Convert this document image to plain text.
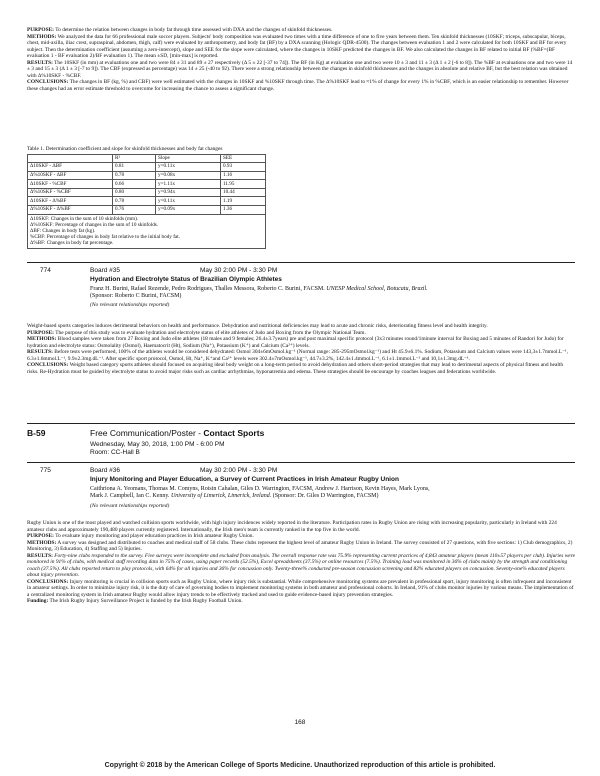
PURPOSE: To determine the relation between changes in body fat through time assessed with DXA and the changes of skinfold thicknesses.
METHODS: We analyzed the data for 66 professional male soccer players. Subjects' body composition was evaluated two times with a time difference of one to five years between them. Ten skinfold thicknesses (10SKF; triceps, subscapular, biceps, chest, mid-axilla, iliac crest, supraspinal, abdomen, thigh, calf) were evaluated by anthropometry, and body fat (BF) by a DXA scanning (Hologic QDR-4500). The changes between evaluation 1 and 2 were calculated for both 10SKF and BF for every subject. Then the determination coefficient (assuming a zero-intercept), slope and SEE for the slope were calculated, where the changes in 10SKF predicted the changes in BF. We also calculated the changes in BF related to initial BF (%BF=(BF evaluation 1 - BF evaluation 2)/BF evaluation 1). The mean ±SD, [min-max] is reported.
RESULTS: The 10SKF (in mm) at evaluations one and two were 84 ± 31 and 89 ± 27 respectively (Δ 5 ± 22 [-37 to 74]). The BF (in Kg) at evaluation one and two were 10 ± 3 and 11 ± 3 (Δ 1 ± 2 [-6 to 8]). The %BF at evaluations one and two were 14 ± 3 and 15 ± 3 (Δ 1 ± 3 [-7 to 9]). The CBF (expressed as percentage) was 14 ± 25 (-40 to 92). There were a strong relationship between the changes in skinfold thicknesses and the changes in absolute and relative BF, but the best relation was obtained with Δ%10SKF - %CBF.
CONCLUSIONS: The changes in BF (kg, %) and CBF) were well estimated with the changes in 10SKF and %10SKF through time. The Δ%10SKF lead to ≈1% of change for every 1% in %CBF, which is an easier relationship to remember. However these changes had an error estimate threshold to overcome for increasing the chance to assess a significant change.
Table 1. Determination coefficient and slope for skinfold thicknesses and body fat changes
	R²	Slope	SEE
Δ10SKF - ΔBF	0.81	y=0.11x	0.93
Δ%10SKF - ΔBF	0.78	y=0.08x	1.16
Δ10SKF - %CBF	0.66	y=1.11x	11.95
Δ%10SKF - %CBF	0.80	y=0.94x	10.44
Δ10SKF - Δ%BF	0.78	y=0.11x	1.19
Δ%10SKF - Δ%BF	0.76	y=0.09x	1.36

Δ10SKF: Changes in the sum of 10 skinfolds (mm).
Δ%10SKF: Percentage of changes in the sum of 10 skinfolds.
ΔBF: Changes in body fat (kg).
%CBF: Percentage of changes in body fat relative to the initial body fat.
Δ%BF: Changes in body fat percentage.			
774	Board #35	May 30 2:00 PM - 3:30 PM
Hydration and Electrolyte Status of Brazilian Olympic Athletes
Franz H. Burini, Rafael Rezende, Pedro Rodrigues, Thalles Messora, Roberto C. Burini, FACSM. UNESP Medical School, Botucatu, Brazil.
(Sponsor: Roberto C Burini, FACSM)
(No relevant relationships reported)
Weight-based sports categories induces detrimental behaviors on health and performance. Dehydration and nutritional deficiencies may lead to acute and chronic risks, deteriorating fitness level and health integrity.
PURPOSE: The purpose of this study was to evaluate hydration and electrolyte status of elite athletes of Judo and Boxing from the Olympic National Team.
METHODS: Blood samples were taken from 27 Boxing and Judo elite athletes (18 males and 9 females; 26.4±3.7years) pre and post maximal specific protocol (3x3 minutes round/1minute interval for Boxing and 5 minutes of Randori for Judo) for hydration and electrolyte status: Osmolality (Osmol), Haematocrit (Ht), Sodium (Na⁺), Potassium (K⁺) and Calcium (Ca²⁺) levels.
RESULTS: Before tests were performed, 100% of the athletes would be considered dehydrated: Osmol 304±6mOsmol.kg⁻¹ (Normal range: 285-295mOsmol.kg⁻¹) and Ht 45.9±6.1%. Sodium, Potassium and Calcium values were 143,3±1.7mmol.L⁻¹, 6.3±1.6mmol.L⁻¹, 9.9±2.3mg.dL⁻¹. After specific sport protocol, Osmol, Ht, Na⁺, K⁺and Ca²⁺ levels were 302.4±7mOsmol.kg⁻¹, 44.7±3.2%, 142.4±1.4mmol.L⁻¹, 6.1±1.1mmol.L⁻¹ and 10,1±1.3mg.dL⁻¹.
CONCLUSIONS: Weight based category sports athletes should focused on acquiring ideal body weight on a long-term period to avoid dehydration and others short-period strategies that may lead to detrimental aspects of physical fitness and health risks. Re-Hydration must be guided by electrolyte status to avoid major risks such as cardiac arrhythmias, hyponatremia and edema. These strategies should be encourage by coaches leagues and federations worldwide.
B-59	Free Communication/Poster - Contact Sports
Wednesday, May 30, 2018, 1:00 PM - 6:00 PM
Room: CC-Hall B
775	Board #36	May 30 2:00 PM - 3:30 PM
Injury Monitoring and Player Education, a Survey of Current Practices in Irish Amateur Rugby Union
Caithriona A. Yeomans, Thomas M. Comyns, Roisin Cahalan, Giles D. Warrington, FACSM, Andrew J. Harrison, Kevin Hayes, Mark Lyons,
Mark J. Campbell, Ian C. Kenny. University of Limerick, Limerick, Ireland. (Sponsor: Dr. Giles D Warrington, FACSM)
(No relevant relationships reported)
Rugby Union is one of the most played and watched collision sports worldwide, with high injury incidences widely reported in the literature. Participation rates in Rugby Union are rising with increasing popularity, particularly in Ireland with 224 amateur clubs and approximately 190,480 players currently registered. Internationally, the Irish men's team is currently ranked in the top five in the world.
PURPOSE: To evaluate injury monitoring and player education practices in Irish amateur Rugby Union.
METHODS: A survey was designed and distributed to coaches and medical staff of 58 clubs. These clubs represent the highest level of amateur Rugby Union in Ireland. The survey consisted of 27 questions, with five sections: 1) Club demographics, 2) Monitoring, 3) Education, 4) Staffing and 5) Injuries.
RESULTS: Forty-nine clubs responded to the survey. Five surveys were incomplete and excluded from analysis. The overall response rate was 75.9% representing current practices of 4,843 amateur players (mean 110±57 players per club). Injuries were monitored in 91% of clubs, with medical staff recording data in 75% of cases, using paper records (52.5%), Excel spreadsheets (37.5%) or online resources (7.5%). Training load was monitored in 36% of clubs mainly by the strength and conditioning coach (37.5%). All clubs reported return to play protocols, with 64% for all injuries and 36% for concussion only. Twenty-three% conducted pre-season concussion screening and 82% educated players on concussion. Seventy-one% educated players about injury prevention.
CONCLUSIONS: Injury monitoring is crucial in collision sports such as Rugby Union, where injury risk is substantial. While comprehensive monitoring systems are prevalent in professional sport, injury monitoring is often infrequent and inconsistent in amateur settings. In order to minimize injury risk, it is the duty of care of governing bodies to implement monitoring systems in both amateur and professional cohorts. In Ireland, 91% of clubs monitor injuries by various means. The implementation of a centralized monitoring system in Irish amateur Rugby would allow injury trends to be effectively tracked and used to guide evidence-based injury prevention strategies.
Funding: The Irish Rugby Injury Surveillance Project is funded by the Irish Rugby Football Union.
168
Copyright © 2018 by the American College of Sports Medicine. Unauthorized reproduction of this article is prohibited.
